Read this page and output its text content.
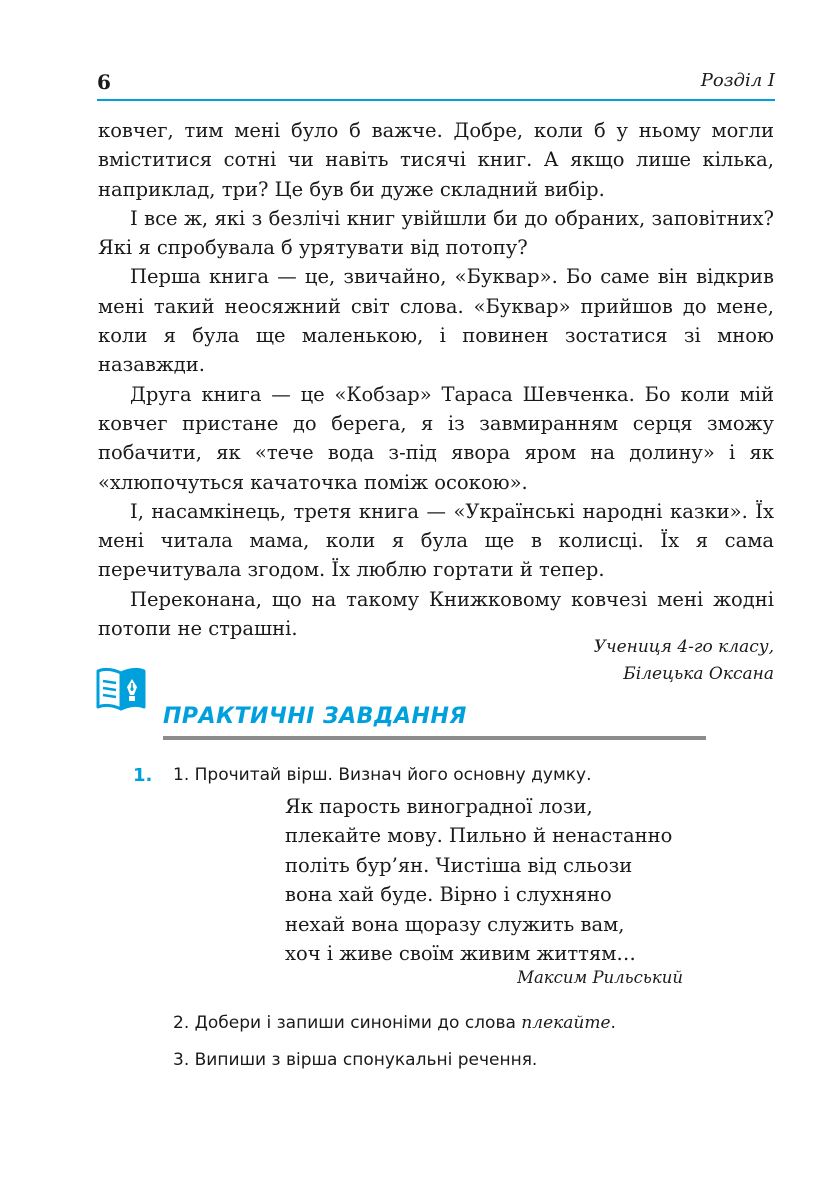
6	Розділ І

ковчег, тим мені було б важче. Добре, коли б у ньому могли вміститися сотні чи навіть тисячі книг. А якщо лише кілька, наприклад, три? Це був би дуже складний вибір.

І все ж, які з безлічі книг увійшли би до обраних, заповітних? Які я спробувала б урятувати від потопу?

Перша книга — це, звичайно, «Буквар». Бо саме він відкрив мені такий неосяжний світ слова. «Буквар» прийшов до мене, коли я була ще маленькою, і повинен зостатися зі мною назавжди.

Друга книга — це «Кобзар» Тараса Шевченка. Бо коли мій ковчег пристане до берега, я із завмиранням серця зможу побачити, як «тече вода з-під явора яром на долину» і як «хлюпочуться качаточка поміж осокою».

І, насамкінець, третя книга — «Українські народні казки». Їх мені читала мама, коли я була ще в колисці. Їх я сама перечитувала згодом. Їх люблю гортати й тепер.

Переконана, що на такому Книжковому ковчезі мені жодні потопи не страшні.

Учениця 4-го класу,
Білецька Оксана
ПРАКТИЧНІ ЗАВДАННЯ
1. 1. Прочитай вірш. Визнач його основну думку.
Як парость виноградної лози,
плекайте мову. Пильно й ненастанно
політь бур’ян. Чистіша від сльози
вона хай буде. Вірно і слухняно
нехай вона щоразу служить вам,
хоч і живе своїм живим життям…
Максим Рильський
2. Добери і запиши синоніми до слова плекайте.
3. Випиши з вірша спонукальні речення.
